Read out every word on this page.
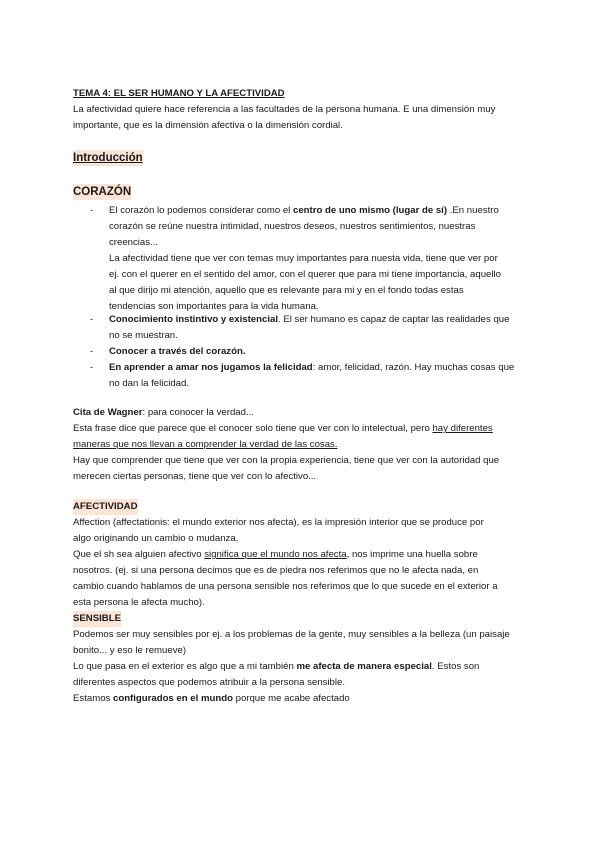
TEMA 4: EL SER HUMANO Y LA AFECTIVIDAD
La afectividad quiere hace referencia a las facultades de la persona humana. E una dimensión muy
importante, que es la dimensión afectiva o la dimensión cordial.
Introducción
CORAZÓN
- El corazón lo podemos considerar como el centro de uno mismo (lugar de sí) .En nuestro
corazón se reúne nuestra intimidad, nuestros deseos, nuestros sentimientos, nuestras
creencias...
La afectividad tiene que ver con temas muy importantes para nuesta vida, tiene que ver por
ej. con el querer en el sentido del amor, con el querer que para mi tiene importancia, aquello
al que dirijo mi atención, aquello que es relevante para mi y en el fondo todas estas
tendencias son importantes para la vida humana.
- Conocimiento instintivo y existencial. El ser humano es capaz de captar las realidades que
no se muestran.
- Conocer a través del corazón.
- En aprender a amar nos jugamos la felicidad: amor, felicidad, razón. Hay muchas cosas que
no dan la felicidad.
Cita de Wagner: para conocer la verdad...
Esta frase dice que parece que el conocer solo tiene que ver con lo intelectual, pero hay diferentes
maneras que nos llevan a comprender la verdad de las cosas.
Hay que comprender que tiene que ver con la propia experiencia, tiene que ver con la autoridad que
merecen ciertas personas, tiene que ver con lo afectivo...
AFECTIVIDAD
Affection (affectationis: el mundo exterior nos afecta), es la impresión interior que se produce por
algo originando un cambio o mudanza.
Que el sh sea alguien afectivo significa que el mundo nos afecta, nos imprime una huella sobre
nosotros. (ej. si una persona decimos que es de piedra nos referimos que no le afecta nada, en
cambio cuando hablamos de una persona sensible nos referimos que lo que sucede en el exterior a
esta persona le afecta mucho).
SENSIBLE
Podemos ser muy sensibles por ej. a los problemas de la gente, muy sensibles a la belleza (un paisaje
bonito... y eso le remueve)
Lo que pasa en el exterior es algo que a mi también me afecta de manera especial. Estos son
diferentes aspectos que podemos atribuir a la persona sensible.
Estamos configurados en el mundo porque me acabe afectado
